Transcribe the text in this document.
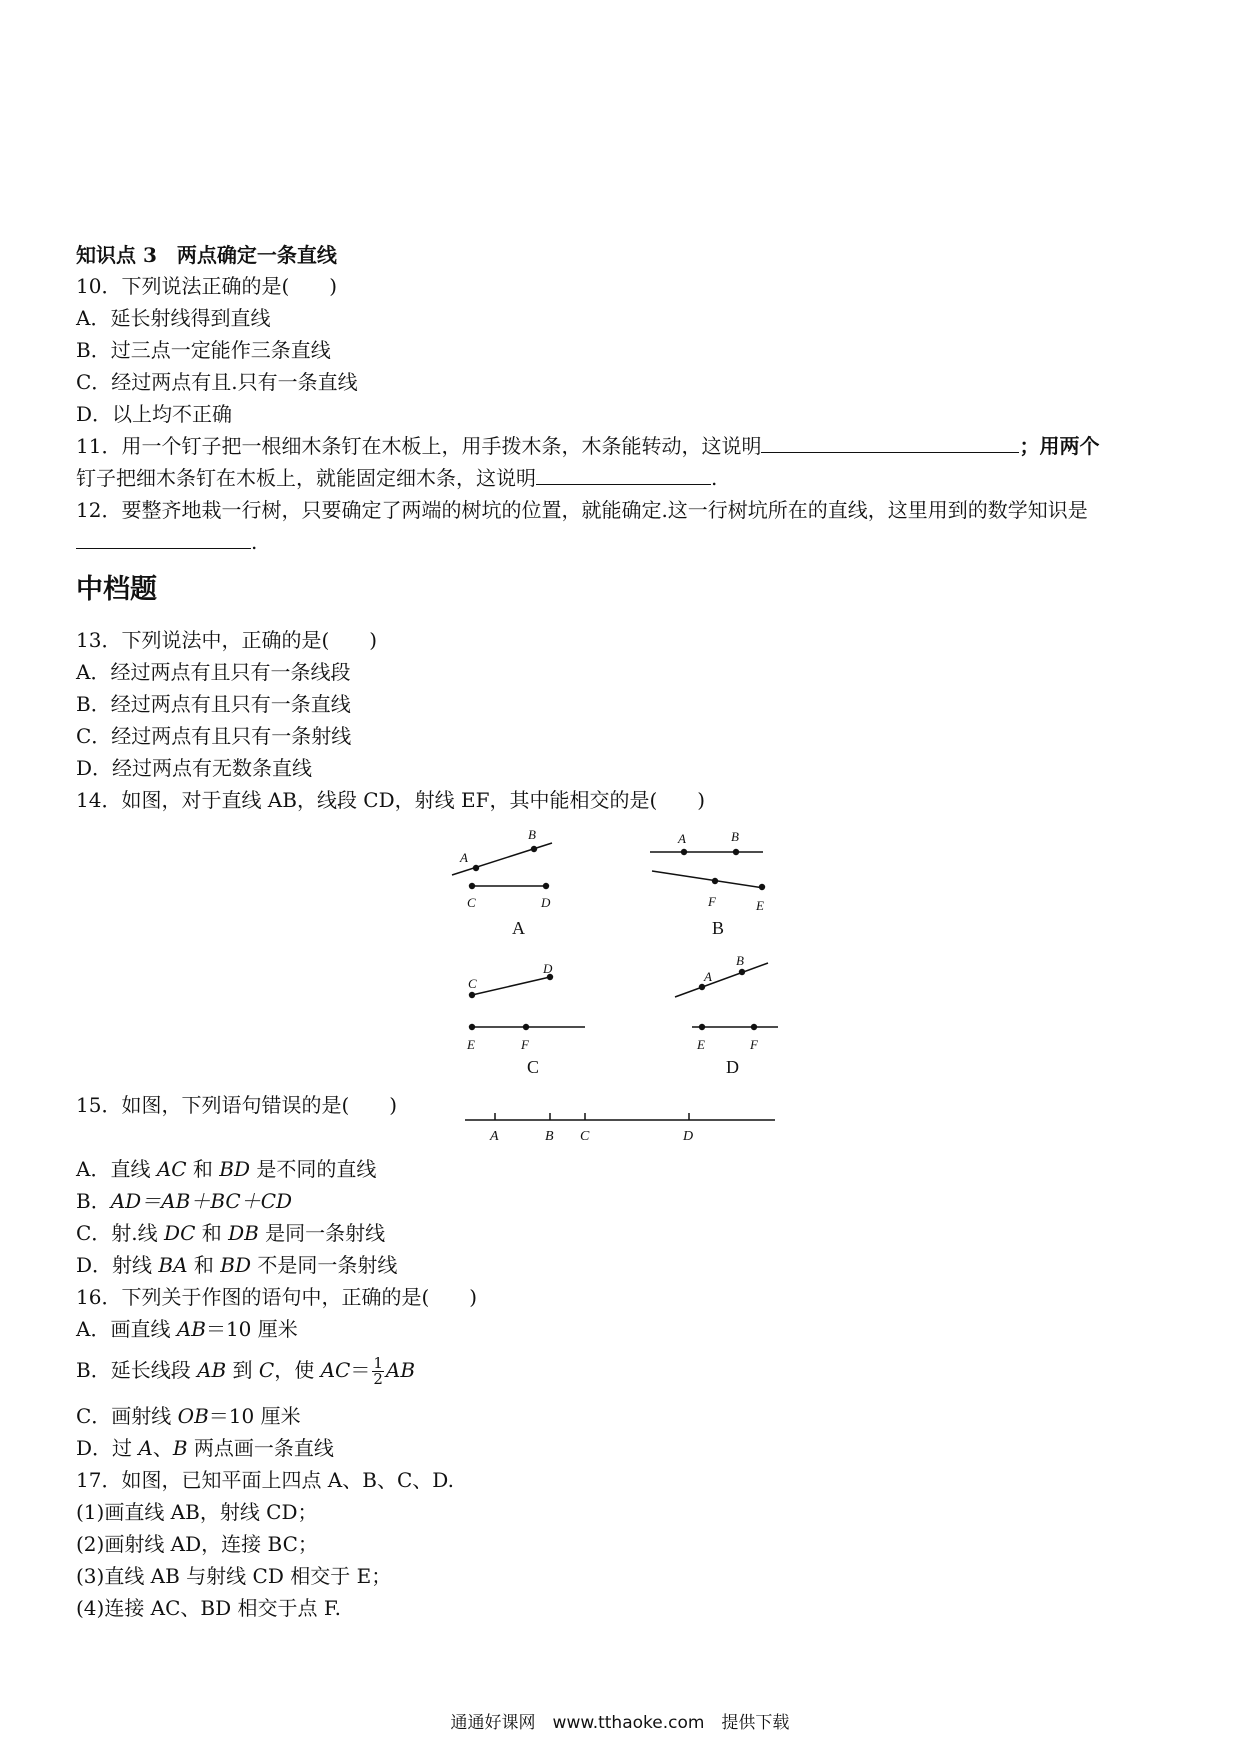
知识点 3　两点确定一条直线
10．下列说法正确的是(　　)
A．延长射线得到直线
B．过三点一定能作三条直线
C．经过两点有且.只有一条直线
D．以上均不正确
11．用一个钉子把一根细木条钉在木板上，用手拨木条，木条能转动，这说明	；用两个
钉子把细木条钉在木板上，就能固定细木条，这说明	.
12．要整齐地栽一行树，只要确定了两端的树坑的位置，就能确定.这一行树坑所在的直线，这里用到的数学知识是
.
中档题
13．下列说法中，正确的是(　　)
A．经过两点有且只有一条线段
B．经过两点有且只有一条直线
C．经过两点有且只有一条射线
D．经过两点有无数条直线
14．如图，对于直线 AB，线段 CD，射线 EF，其中能相交的是(　　)
A
B
C	D
A	B
F	E
C
D
E	F
A
B
E	F
A	B
C	D
15．如图，下列语句错误的是(　　)
A	B C	D
A．直线 AC 和 BD 是不同的直线
B．AD＝AB＋BC＋CD
C．射.线 DC 和 DB 是同一条射线
D．射线 BA 和 BD 不是同一条射线
16．下列关于作图的语句中，正确的是(　　)
A．画直线 AB＝10 厘米
B．延长线段 AB 到 C，使 $AC= \frac{1}{2}$ AB
C．画射线 OB＝10 厘米
D．过 A、B 两点画一条直线
17．如图，已知平面上四点 A、B、C、D.
(1)画直线 AB，射线 CD；
(2)画射线 AD，连接 BC；
(3)直线 AB 与射线 CD 相交于 E；
(4)连接 AC、BD 相交于点 F.
通通好课网　www.tthaoke.com　提供下载
